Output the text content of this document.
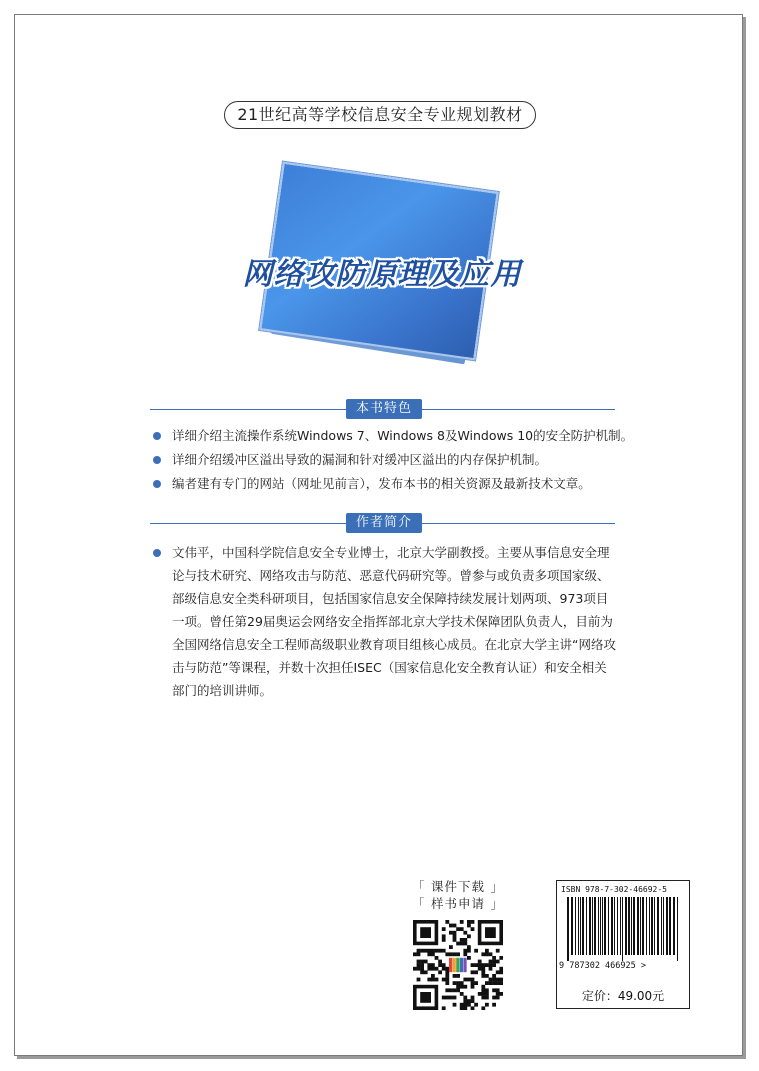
21世纪高等学校信息安全专业规划教材
网络攻防原理及应用
本书特色
详细介绍主流操作系统Windows 7、Windows 8及Windows 10的安全防护机制。
详细介绍缓冲区溢出导致的漏洞和针对缓冲区溢出的内存保护机制。
编者建有专门的网站（网址见前言），发布本书的相关资源及最新技术文章。
作者简介
文伟平，中国科学院信息安全专业博士，北京大学副教授。主要从事信息安全理
论与技术研究、网络攻击与防范、恶意代码研究等。曾参与或负责多项国家级、
部级信息安全类科研项目，包括国家信息安全保障持续发展计划两项、973项目
一项。曾任第29届奥运会网络安全指挥部北京大学技术保障团队负责人，目前为
全国网络信息安全工程师高级职业教育项目组核心成员。在北京大学主讲“网络攻
击与防范”等课程，并数十次担任ISEC（国家信息化安全教育认证）和安全相关
部门的培训讲师。
「 课件下载 」
「 样书申请 」
ISBN 978-7-302-46692-5
9 787302 466925 >
定价：49.00元
